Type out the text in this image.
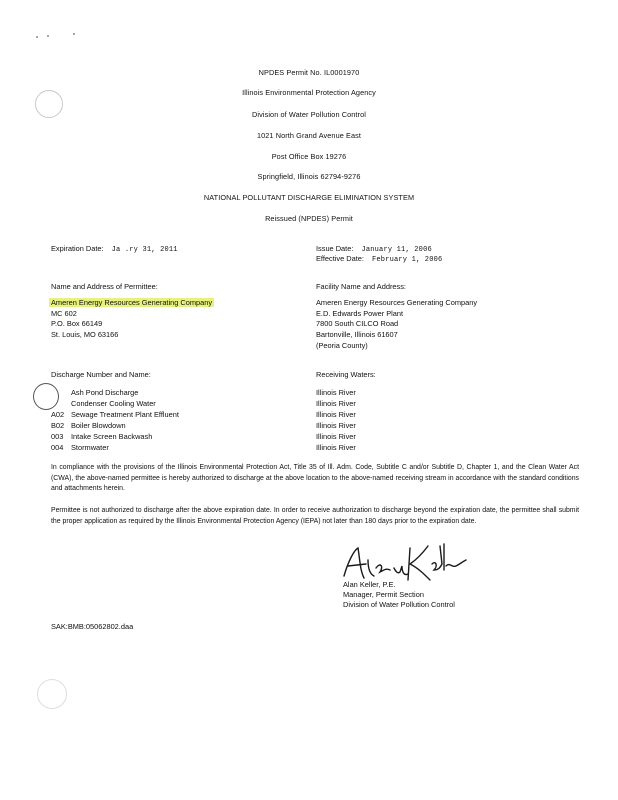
NPDES Permit No. IL0001970
Illinois Environmental Protection Agency
Division of Water Pollution Control
1021 North Grand Avenue East
Post Office Box 19276
Springfield, Illinois 62794-9276
NATIONAL POLLUTANT DISCHARGE ELIMINATION SYSTEM
Reissued (NPDES) Permit
Expiration Date: Ja .ry 31, 2011	Issue Date: January 11, 2006
Effective Date: February 1, 2006
Name and Address of Permittee:
Ameren Energy Resources Generating Company
MC 602
P.O. Box 66149
St. Louis, MO 63166
Facility Name and Address:
Ameren Energy Resources Generating Company
E.D. Edwards Power Plant
7800 South CILCO Road
Bartonville, Illinois 61607
(Peoria County)
Discharge Number and Name:	Receiving Waters:
Ash Pond Discharge	Illinois River
Condenser Cooling Water	Illinois River
A02 Sewage Treatment Plant Effluent	Illinois River
B02 Boiler Blowdown	Illinois River
003 Intake Screen Backwash	Illinois River
004 Stormwater	Illinois River
In compliance with the provisions of the Illinois Environmental Protection Act, Title 35 of Ill. Adm. Code, Subtitle C and/or Subtitle D, Chapter 1, and the Clean Water Act (CWA), the above-named permittee is hereby authorized to discharge at the above location to the above-named receiving stream in accordance with the standard conditions and attachments herein.
Permittee is not authorized to discharge after the above expiration date. In order to receive authorization to discharge beyond the expiration date, the permittee shall submit the proper application as required by the Illinois Environmental Protection Agency (IEPA) not later than 180 days prior to the expiration date.
Alan Keller, P.E.
Manager, Permit Section
Division of Water Pollution Control
SAK:BMB:05062802.daa
